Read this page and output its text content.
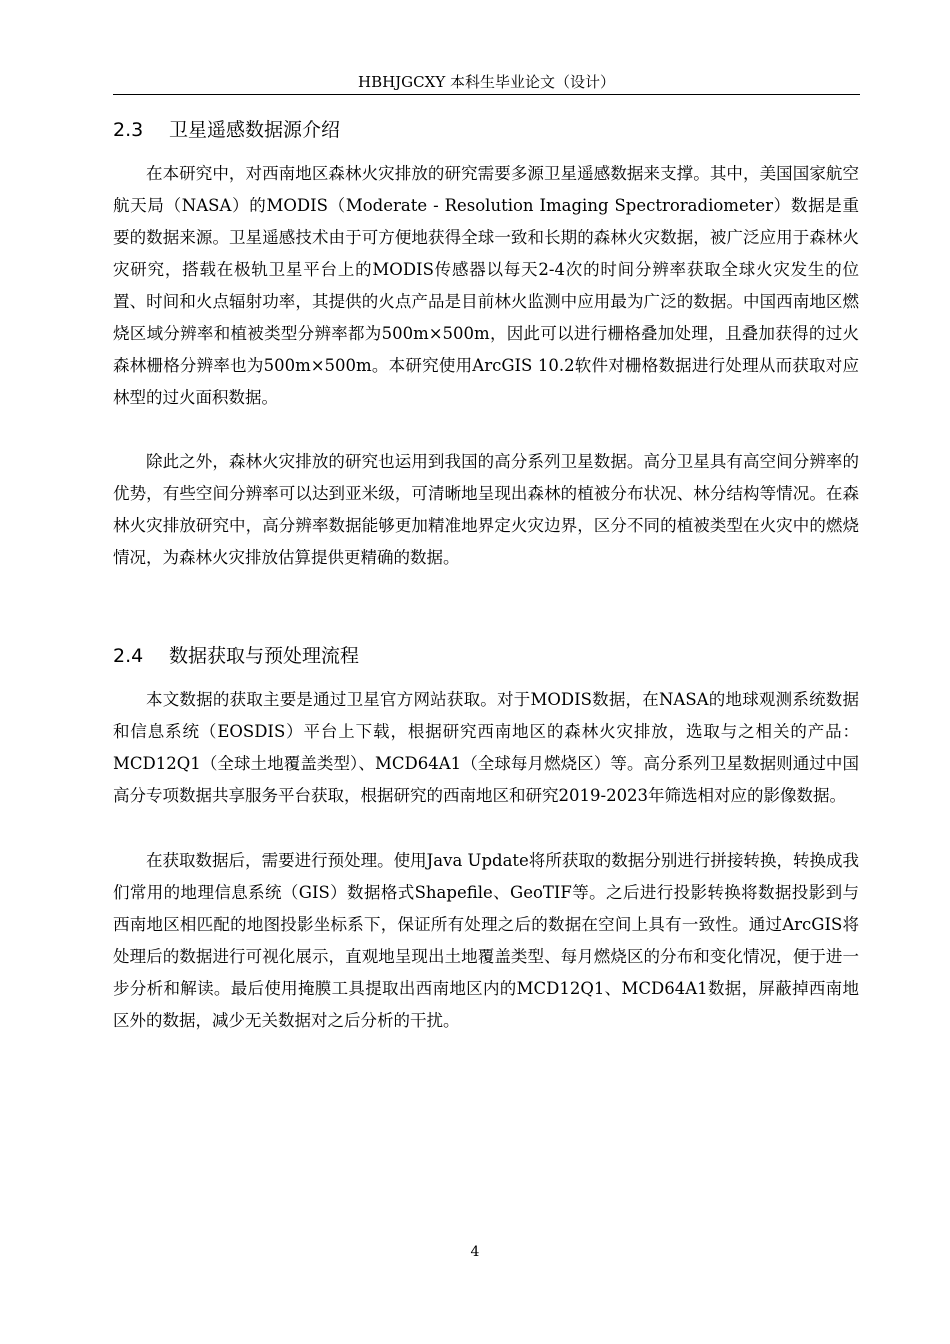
HBHJGCXY 本科生毕业论文（设计）
2.3 卫星遥感数据源介绍

在本研究中，对西南地区森林火灾排放的研究需要多源卫星遥感数据来支撑。其中，美国国家航空航天局（NASA）的MODIS（Moderate - Resolution Imaging Spectroradiometer）数据是重要的数据来源。卫星遥感技术由于可方便地获得全球一致和长期的森林火灾数据，被广泛应用于森林火灾研究，搭载在极轨卫星平台上的MODIS传感器以每天2-4次的时间分辨率获取全球火灾发生的位置、时间和火点辐射功率，其提供的火点产品是目前林火监测中应用最为广泛的数据。中国西南地区燃烧区域分辨率和植被类型分辨率都为500m×500m，因此可以进行栅格叠加处理，且叠加获得的过火森林栅格分辨率也为500m×500m。本研究使用ArcGIS 10.2软件对栅格数据进行处理从而获取对应林型的过火面积数据。

除此之外，森林火灾排放的研究也运用到我国的高分系列卫星数据。高分卫星具有高空间分辨率的优势，有些空间分辨率可以达到亚米级，可清晰地呈现出森林的植被分布状况、林分结构等情况。在森林火灾排放研究中，高分辨率数据能够更加精准地界定火灾边界，区分不同的植被类型在火灾中的燃烧情况，为森林火灾排放估算提供更精确的数据。

2.4 数据获取与预处理流程

本文数据的获取主要是通过卫星官方网站获取。对于MODIS数据，在NASA的地球观测系统数据和信息系统（EOSDIS）平台上下载，根据研究西南地区的森林火灾排放，选取与之相关的产品：MCD12Q1（全球土地覆盖类型）、MCD64A1（全球每月燃烧区）等。高分系列卫星数据则通过中国高分专项数据共享服务平台获取，根据研究的西南地区和研究2019-2023年筛选相对应的影像数据。

在获取数据后，需要进行预处理。使用Java Update将所获取的数据分别进行拼接转换，转换成我们常用的地理信息系统（GIS）数据格式Shapefile、GeoTIF等。之后进行投影转换将数据投影到与西南地区相匹配的地图投影坐标系下，保证所有处理之后的数据在空间上具有一致性。通过ArcGIS将处理后的数据进行可视化展示，直观地呈现出土地覆盖类型、每月燃烧区的分布和变化情况，便于进一步分析和解读。最后使用掩膜工具提取出西南地区内的MCD12Q1、MCD64A1数据，屏蔽掉西南地区外的数据，减少无关数据对之后分析的干扰。

4
